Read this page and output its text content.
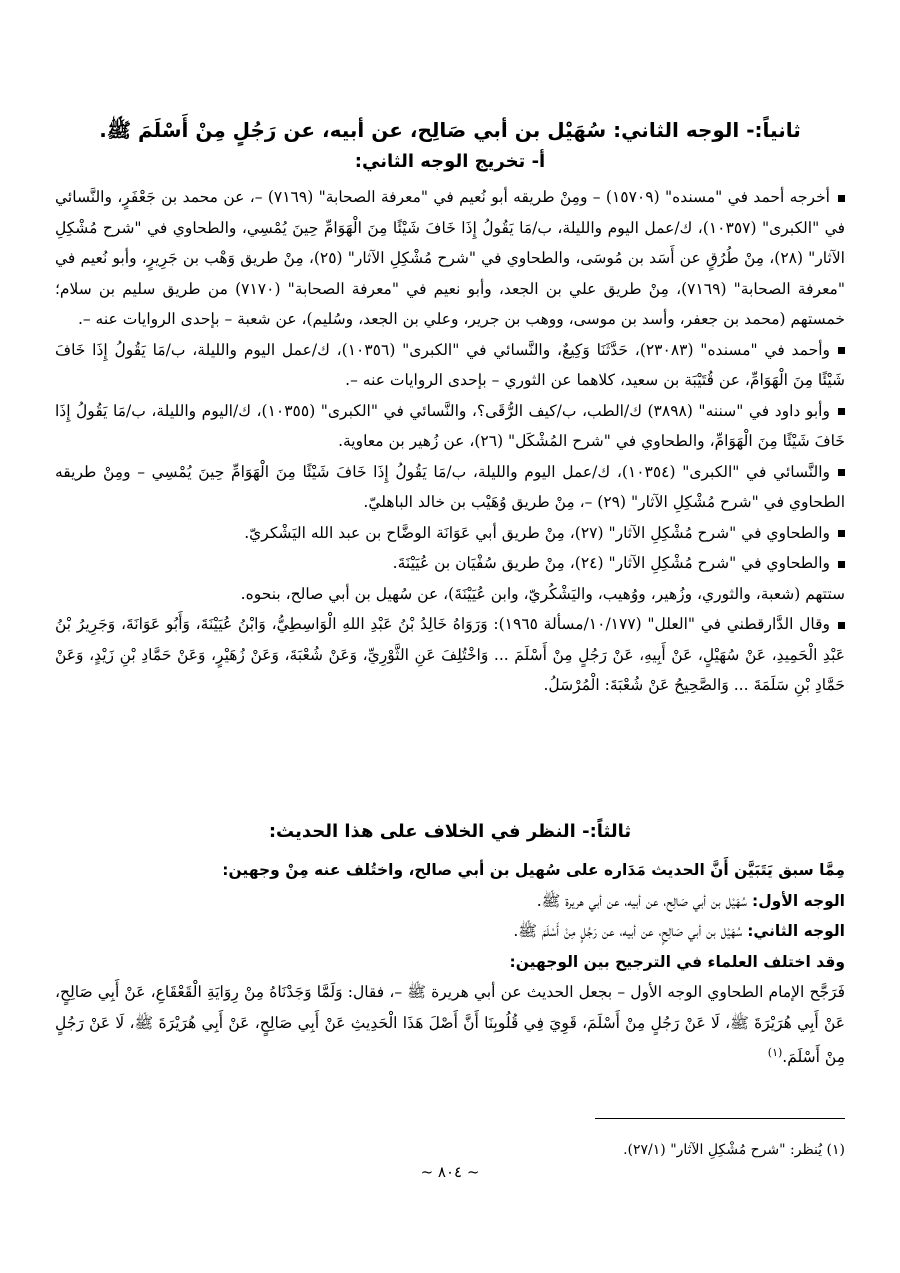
ثانياً:- الوجه الثاني: سُهَيْل بن أبي صَالِح، عن أبيه، عن رَجُلٍ مِنْ أَسْلَمَ ﷺ.
أ- تخريج الوجه الثاني:

أخرجه أحمد في "مسنده" (١٥٧٠٩) – ومِنْ طريقه أبو نُعيم في "معرفة الصحابة" (٧١٦٩) –، عن محمد بن جَعْفَرٍ، والنَّسائي في "الكبرى" (١٠٣٥٧)، ك/عمل اليوم والليلة، ب/مَا يَقُولُ إِذَا خَافَ شَيْئًا مِنَ الْهَوَامِّ حِينَ يُمْسِي، والطحاوي في "شرح مُشْكِلِ الآثار" (٢٨)، مِنْ طُرُقٍ عن أَسَد بن مُوسَى، والطحاوي في "شرح مُشْكِلِ الآثار" (٢٥)، مِنْ طريق وَهْب بن جَرِيرٍ، وأبو نُعيم في "معرفة الصحابة" (٧١٦٩)، مِنْ طريق علي بن الجعد، وأبو نعيم في "معرفة الصحابة" (٧١٧٠) من طريق سليم بن سلام؛ خمستهم (محمد بن جعفر، وأسد بن موسى، ووهب بن جرير، وعلي بن الجعد، وسُليم)، عن شعبة – بإحدى الروايات عنه –.

وأحمد في "مسنده" (٢٣٠٨٣)، حَدَّثَنَا وَكِيعٌ، والنَّسائي في "الكبرى" (١٠٣٥٦)، ك/عمل اليوم والليلة، ب/مَا يَقُولُ إِذَا خَافَ شَيْئًا مِنَ الْهَوَامِّ، عن قُتَيْبَة بن سعيد، كلاهما عن الثوري – بإحدى الروايات عنه –.

وأبو داود في "سننه" (٣٨٩٨) ك/الطب، ب/كيف الرُّقَى؟، والنَّسائي في "الكبرى" (١٠٣٥٥)، ك/اليوم والليلة، ب/مَا يَقُولُ إِذَا خَافَ شَيْئًا مِنَ الْهَوَامِّ، والطحاوي في "شرح المُشْكَل" (٢٦)، عن زُهير بن معاوية.

والنَّسائي في "الكبرى" (١٠٣٥٤)، ك/عمل اليوم والليلة، ب/مَا يَقُولُ إِذَا خَافَ شَيْئًا مِنَ الْهَوَامِّ حِينَ يُمْسِي – ومِنْ طريقه الطحاوي في "شرح مُشْكِلِ الآثار" (٢٩) –، مِنْ طريق وُهَيْب بن خالد الباهليّ.

والطحاوي في "شرح مُشْكِلِ الآثار" (٢٧)، مِنْ طريق أبي عَوَانَة الوضَّاح بن عبد الله اليَشْكريّ.

والطحاوي في "شرح مُشْكِلِ الآثار" (٢٤)، مِنْ طريق سُفْيَان بن عُيَيْنَةَ.

ستتهم (شعبة، والثوري، وزُهير، ووُهيب، واليَشْكُريّ، وابن عُيَيْنَةَ)، عن سُهيل بن أبي صالح، بنحوه.

وقال الدَّارقطني في "العلل" (١٠/١٧٧/مسألة ١٩٦٥): وَرَوَاهُ خَالِدُ بْنُ عَبْدِ اللهِ الْوَاسِطِيُّ، وَابْنُ عُيَيْنَةَ، وَأَبُو عَوَانَةَ، وَجَرِيرُ بْنُ عَبْدِ الْحَمِيدِ، عَنْ سُهَيْلٍ، عَنْ أَبِيهِ، عَنْ رَجُلٍ مِنْ أَسْلَمَ ... وَاخْتُلِفَ عَنِ الثَّوْرِيِّ، وَعَنْ شُعْبَةَ، وَعَنْ زُهَيْرٍ، وَعَنْ حَمَّادِ بْنِ زَيْدٍ، وَعَنْ حَمَّادِ بْنِ سَلَمَةَ ... وَالصَّحِيحُ عَنْ شُعْبَةَ: الْمُرْسَلُ.

ثالثاً:- النظر في الخلاف على هذا الحديث:

مِمَّا سبق يَتَبَيَّن أَنَّ الحديث مَدَاره على سُهيل بن أبي صالح، واختُلف عنه مِنْ وجهين:

الوجه الأول: سُهَيْل بن أبي صَالِح، عن أبيه، عن أبي هريرة ﷺ.

الوجه الثاني: سُهَيْل بن أبي صَالِحٍ، عن أبيه، عن رَجُلٍ مِنْ أَسْلَمَ ﷺ.

وقد اختلف العلماء في الترجيح بين الوجهين:

فَرَجَّح الإمام الطحاوي الوجه الأول – بجعل الحديث عن أبي هريرة ﷺ –، فقال: وَلَمَّا وَجَدْنَاهُ مِنْ رِوَايَةِ الْقَعْقَاعِ، عَنْ أَبِي صَالِحٍ، عَنْ أَبِي هُرَيْرَةَ ﷺ، لَا عَنْ رَجُلٍ مِنْ أَسْلَمَ، قَوِيَ فِي قُلُوبِنَا أَنَّ أَصْلَ هَذَا الْحَدِيثِ عَنْ أَبِي صَالِحٍ، عَنْ أَبِي هُرَيْرَةَ ﷺ، لَا عَنْ رَجُلٍ مِنْ أَسْلَمَ.$^{(١)}$

(١) يُنظر: "شرح مُشْكِلِ الآثار" (٢٧/١).
~ ٨٠٤ ~
